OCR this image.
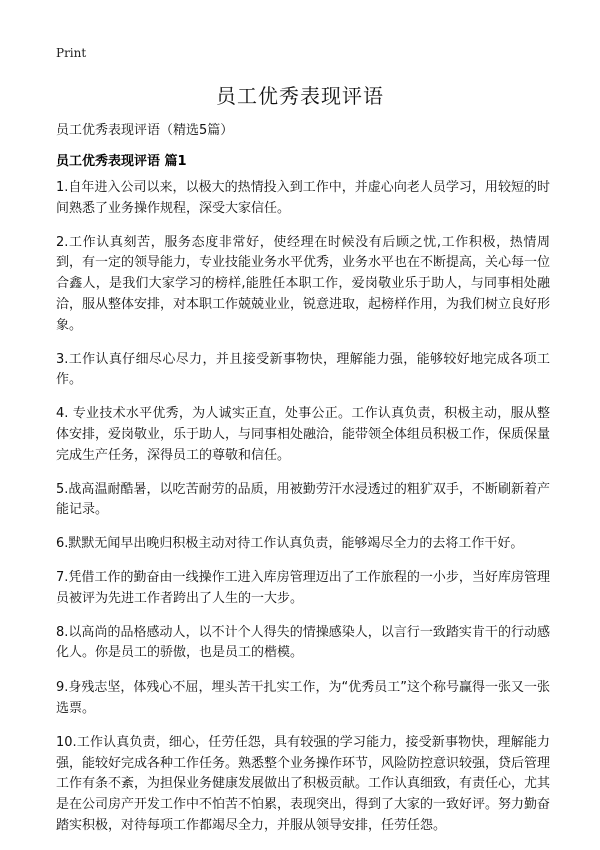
Print
员工优秀表现评语
员工优秀表现评语（精选5篇）
员工优秀表现评语 篇1

1.自年进入公司以来，以极大的热情投入到工作中，并虚心向老人员学习，用较短的时间熟悉了业务操作规程，深受大家信任。

2.工作认真刻苦，服务态度非常好，使经理在时候没有后顾之忧,工作积极，热情周到，有一定的领导能力，专业技能业务水平优秀，业务水平也在不断提高，关心每一位合鑫人，是我们大家学习的榜样,能胜任本职工作，爱岗敬业乐于助人，与同事相处融洽，服从整体安排，对本职工作兢兢业业，锐意进取，起榜样作用，为我们树立良好形象。

3.工作认真仔细尽心尽力，并且接受新事物快，理解能力强，能够较好地完成各项工作。

4. 专业技术水平优秀，为人诚实正直，处事公正。工作认真负责，积极主动，服从整体安排，爱岗敬业，乐于助人，与同事相处融洽，能带领全体组员积极工作，保质保量完成生产任务，深得员工的尊敬和信任。

5.战高温耐酷暑，以吃苦耐劳的品质，用被勤劳汗水浸透过的粗犷双手，不断刷新着产能记录。

6.默默无闻早出晚归积极主动对待工作认真负责，能够竭尽全力的去将工作干好。

7.凭借工作的勤奋由一线操作工进入库房管理迈出了工作旅程的一小步，当好库房管理员被评为先进工作者跨出了人生的一大步。

8.以高尚的品格感动人，以不计个人得失的情操感染人，以言行一致踏实肯干的行动感化人。你是员工的骄傲，也是员工的楷模。

9.身残志坚，体残心不屈，埋头苦干扎实工作，为“优秀员工”这个称号赢得一张又一张选票。

10.工作认真负责，细心，任劳任怨，具有较强的学习能力，接受新事物快，理解能力强，能较好完成各种工作任务。熟悉整个业务操作环节，风险防控意识较强，贷后管理工作有条不紊，为担保业务健康发展做出了积极贡献。工作认真细致，有责任心，尤其是在公司房产开发工作中不怕苦不怕累，表现突出，得到了大家的一致好评。努力勤奋踏实积极，对待每项工作都竭尽全力，并服从领导安排，任劳任怨。
